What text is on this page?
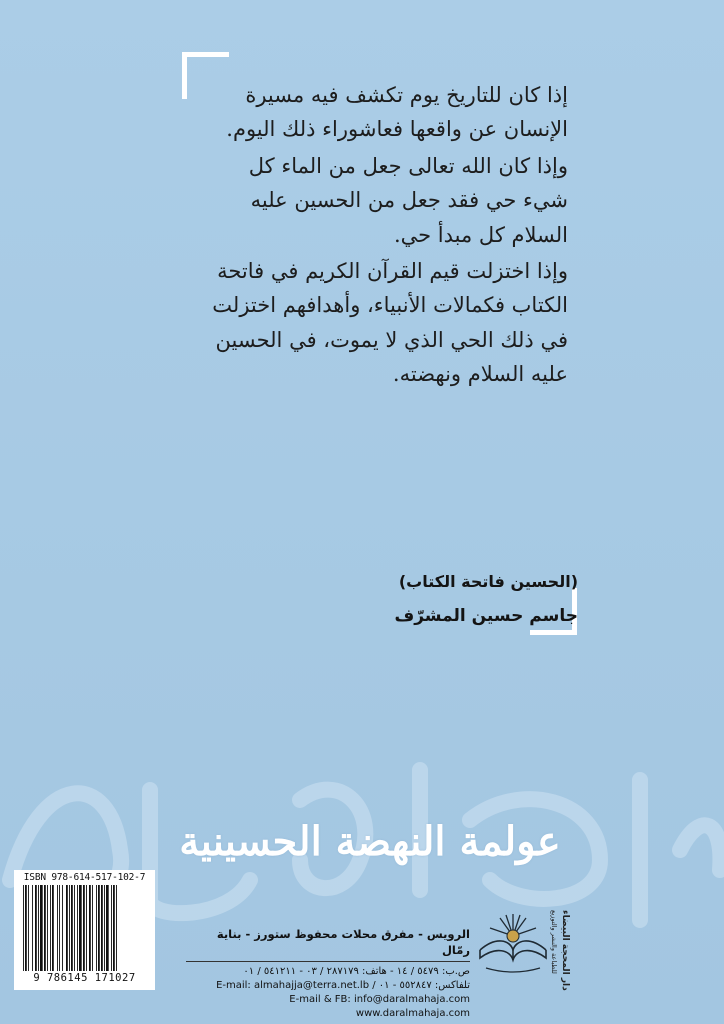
إذا كان للتاريخ يوم تكشف فيه مسيرة الإنسان عن واقعها فعاشوراء ذلك اليوم.

وإذا كان الله تعالى جعل من الماء كل شيء حي فقد جعل من الحسين عليه السلام كل مبدأ حي.

وإذا اختزلت قيم القرآن الكريم في فاتحة الكتاب فكمالات الأنبياء، وأهدافهم اختزلت في ذلك الحي الذي لا يموت، في الحسين عليه السلام ونهضته.

(الحسين فاتحة الكتاب)
جاسم حسين المشرّف
عولمة النهضة الحسينية
ISBN 978-614-517-102-7
9 786145 171027
الرويس - مفرق محلات محفوظ ستورز - بناية رمّال
ص.ب: ٥٤٧٩ / ١٤ - هاتف: ٢٨٧١٧٩ / ٠٣ - ٥٤١٢١١ / ٠١
تلفاكس: ٥٥٢٨٤٧ - ٠١ / E-mail: almahajja@terra.net.lb
E-mail & FB: info@daralmahaja.com
www.daralmahaja.com
دار المحجة البيضاء
للطباعة والنشر والتوزيع
